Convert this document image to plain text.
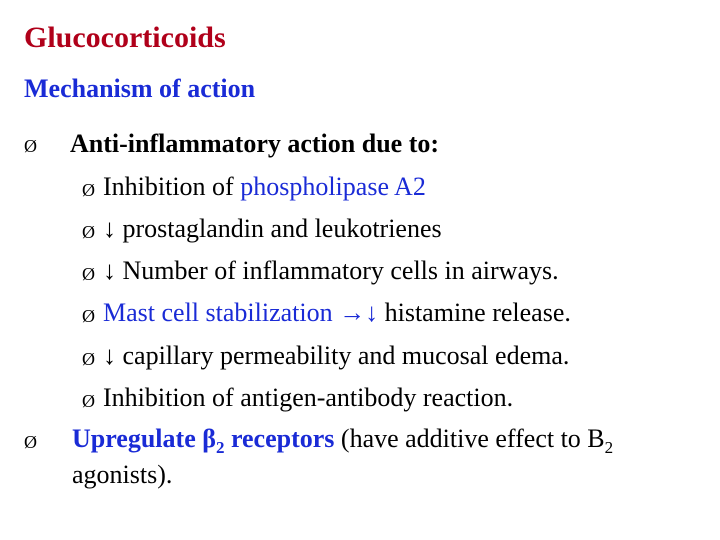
Glucocorticoids
Mechanism of action
Ø Anti-inflammatory action due to:
Ø Inhibition of phospholipase A2
Ø ↓ prostaglandin and leukotrienes
Ø ↓ Number of inflammatory cells in airways.
Ø Mast cell stabilization →↓ histamine release.
Ø ↓ capillary permeability and mucosal edema.
Ø Inhibition of antigen-antibody reaction.
Ø Upregulate $\beta_2$ receptors (have additive effect to $B_2$
agonists).
